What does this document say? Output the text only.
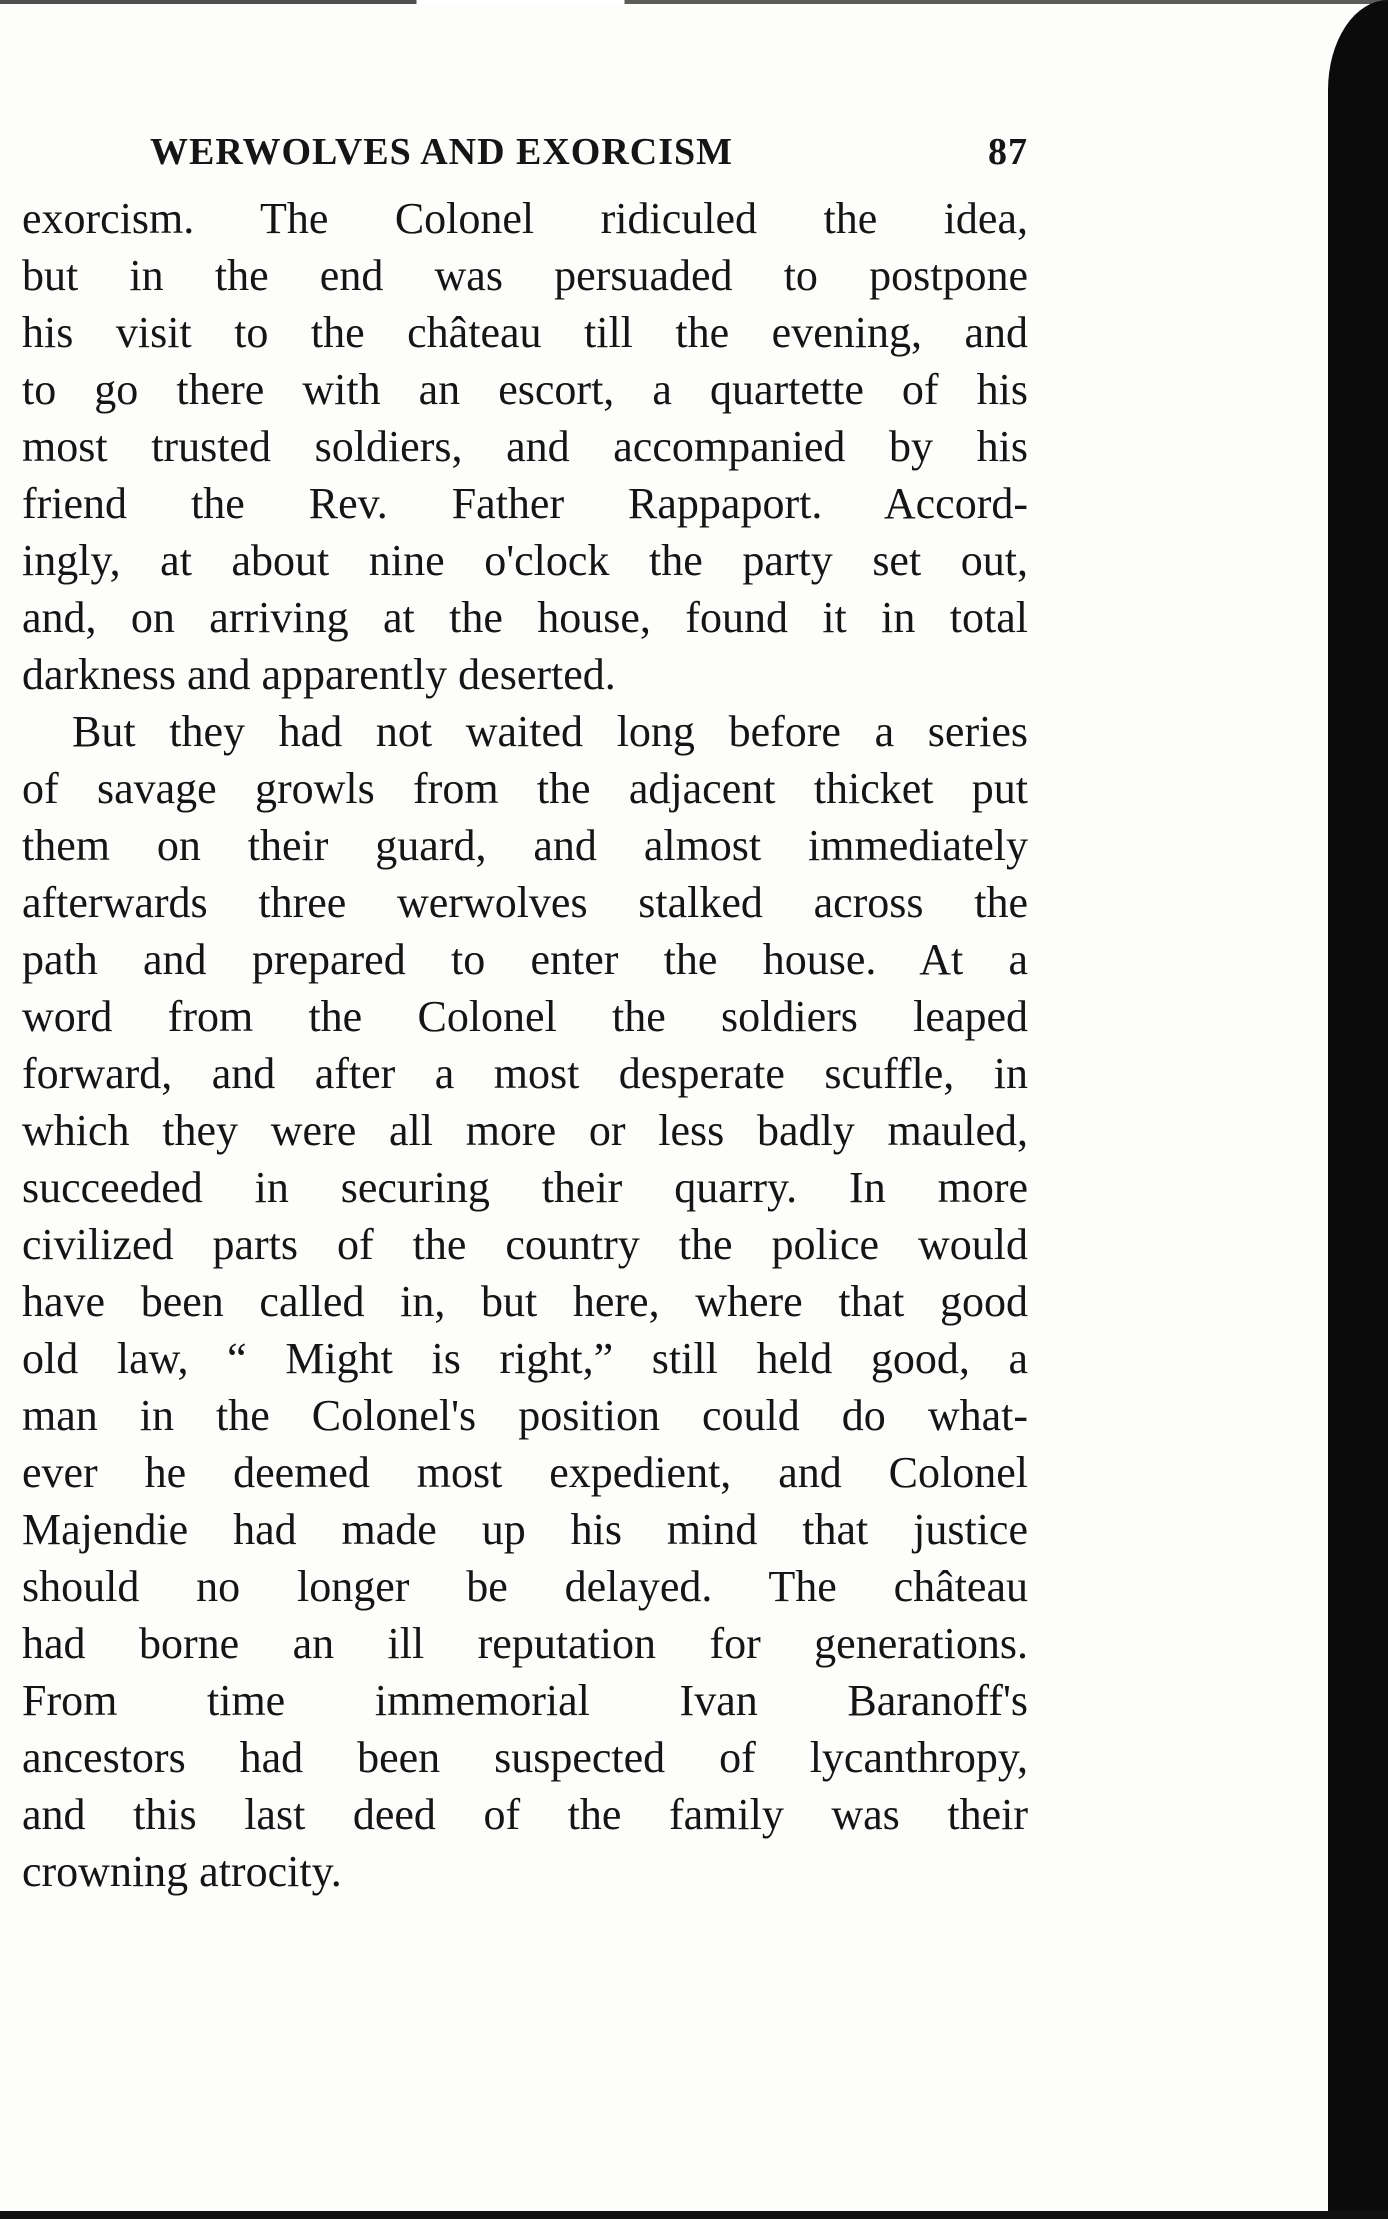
WERWOLVES AND EXORCISM	87

exorcism. The Colonel ridiculed the idea,
but in the end was persuaded to postpone
his visit to the château till the evening, and
to go there with an escort, a quartette of his
most trusted soldiers, and accompanied by his
friend the Rev. Father Rappaport. Accord-
ingly, at about nine o'clock the party set out,
and, on arriving at the house, found it in total
darkness and apparently deserted.

But they had not waited long before a series
of savage growls from the adjacent thicket put
them on their guard, and almost immediately
afterwards three werwolves stalked across the
path and prepared to enter the house. At a
word from the Colonel the soldiers leaped
forward, and after a most desperate scuffle, in
which they were all more or less badly mauled,
succeeded in securing their quarry. In more
civilized parts of the country the police would
have been called in, but here, where that good
old law, “ Might is right,” still held good, a
man in the Colonel's position could do what-
ever he deemed most expedient, and Colonel
Majendie had made up his mind that justice
should no longer be delayed. The château
had borne an ill reputation for generations.
From time immemorial Ivan Baranoff's
ancestors had been suspected of lycanthropy,
and this last deed of the family was their
crowning atrocity.
